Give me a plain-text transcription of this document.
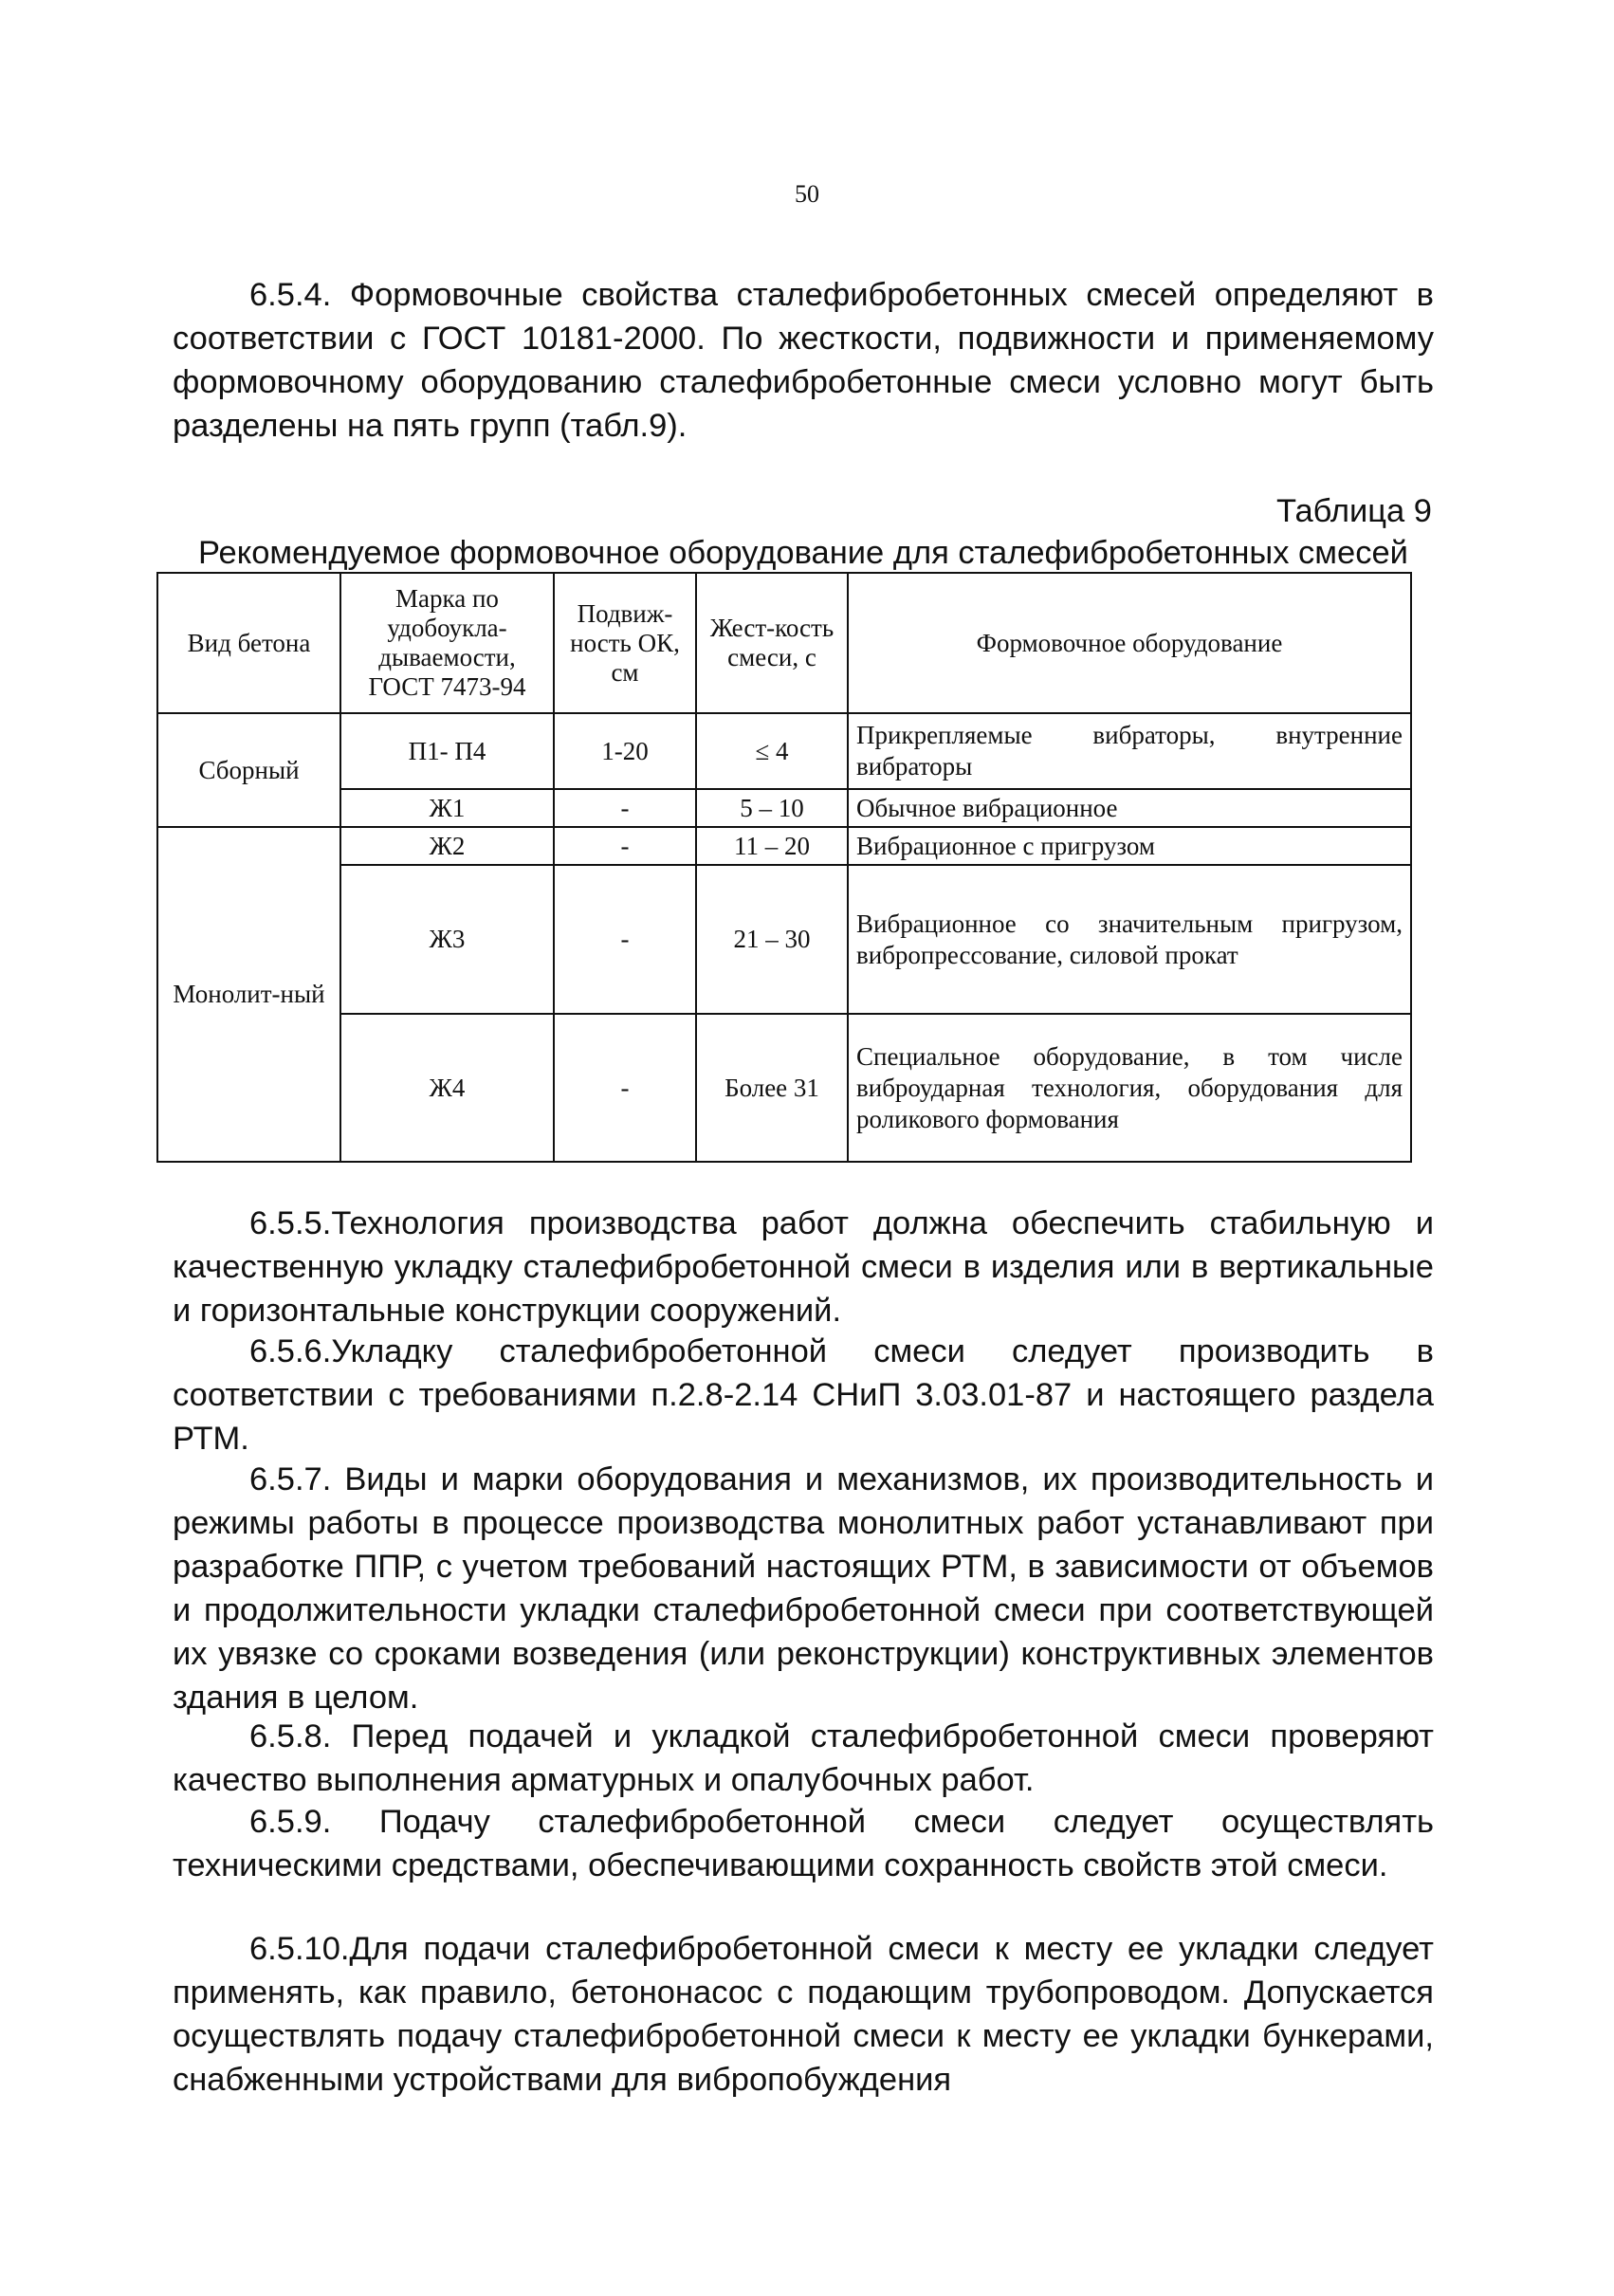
50

6.5.4. Формовочные свойства сталефибробетонных смесей определяют в соответствии с ГОСТ 10181-2000. По жесткости, подвижности и применяемому формовочному оборудованию сталефибробетонные смеси условно могут быть разделены на пять групп (табл.9).

Таблица 9
Рекомендуемое формовочное оборудование для сталефибробетонных смесей
Вид бетона	Марка по удобоукла-дываемости, ГОСТ 7473-94	Подвиж-ность ОК, см	Жест-кость смеси, с	Формовочное оборудование
Сборный	П1- П4	1-20	≤ 4	Прикрепляемые вибраторы, внутренние вибраторы
	Ж1	-	5 – 10	Обычное вибрационное
Монолит-ный	Ж2	-	11 – 20	Вибрационное с пригрузом
	Ж3	-	21 – 30	Вибрационное со значительным пригрузом, вибропрессование, силовой прокат
	Ж4	-	Более 31	Специальное оборудование, в том числе виброударная технология, оборудования для роликового формования

6.5.5.Технология производства работ должна обеспечить стабильную и качественную укладку сталефибробетонной смеси в изделия или в вертикальные и горизонтальные конструкции сооружений.

6.5.6.Укладку сталефибробетонной смеси следует производить в соответствии с требованиями п.2.8-2.14 СНиП 3.03.01-87 и настоящего раздела РТМ.

6.5.7. Виды и марки оборудования и механизмов, их производительность и режимы работы в процессе производства монолитных работ устанавливают при разработке ППР, с учетом требований настоящих РТМ, в зависимости от объемов и продолжительности укладки сталефибробетонной смеси при соответствующей их увязке со сроками возведения (или реконструкции) конструктивных элементов здания в целом.

6.5.8. Перед подачей и укладкой сталефибробетонной смеси проверяют качество выполнения арматурных и опалубочных работ.

6.5.9. Подачу сталефибробетонной смеси следует осуществлять техническими средствами, обеспечивающими сохранность свойств этой смеси.

6.5.10.Для подачи сталефибробетонной смеси к месту ее укладки следует применять, как правило, бетононасос с подающим трубопроводом. Допускается осуществлять подачу сталефибробетонной смеси к месту ее укладки бункерами, снабженными устройствами для вибропобуждения
